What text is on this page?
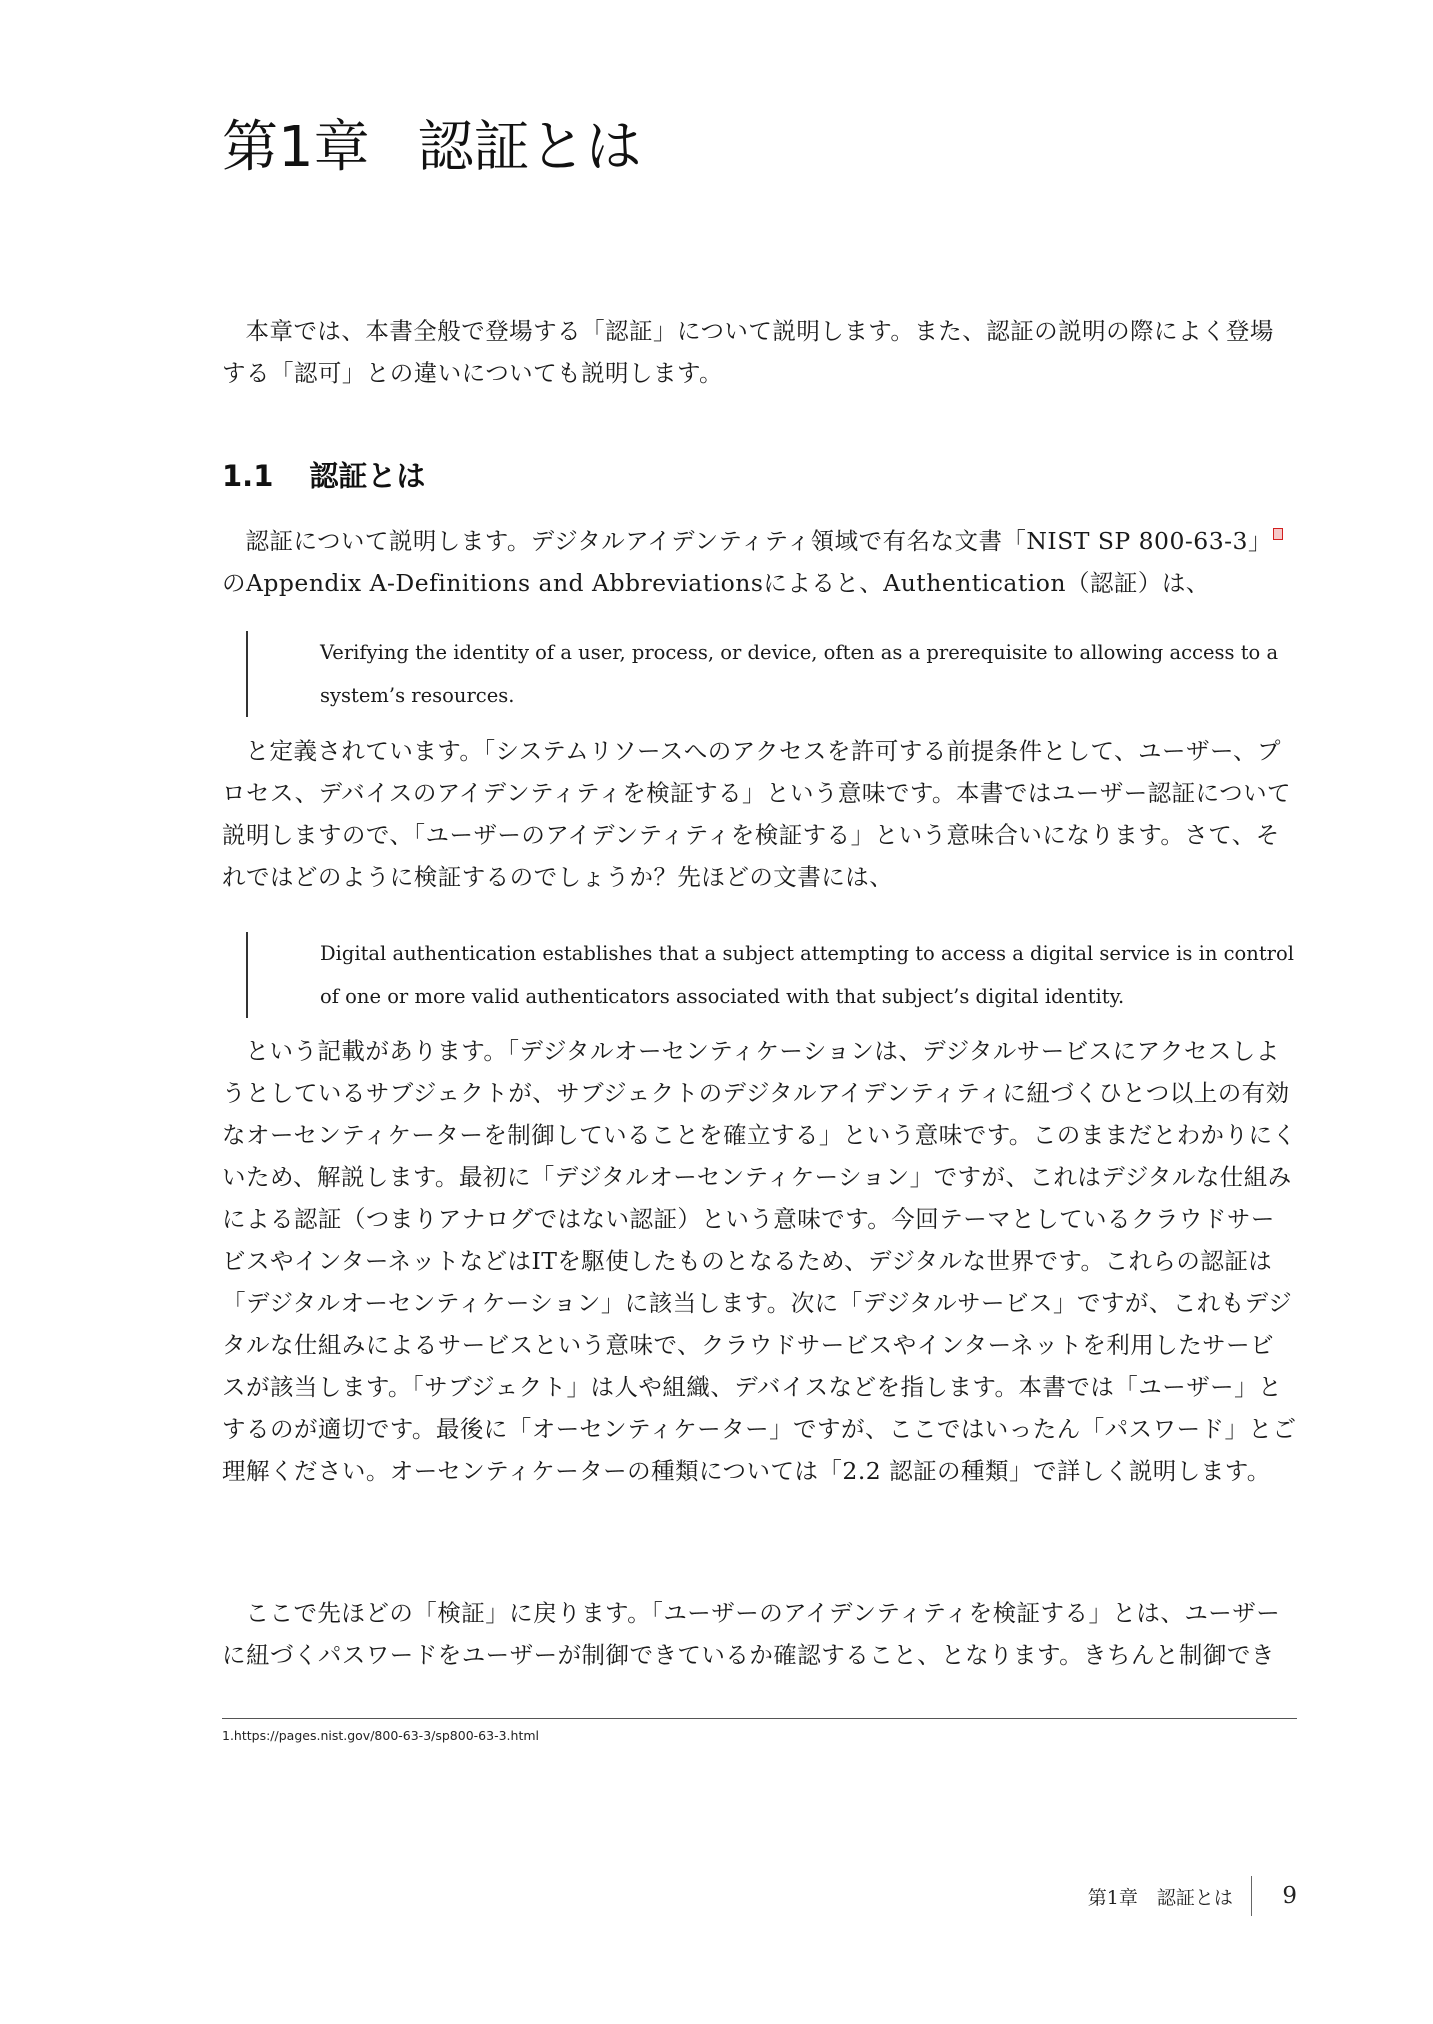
第1章 認証とは

本章では、本書全般で登場する「認証」について説明します。また、認証の説明の際によく登場する「認可」との違いについても説明します。

1.1 認証とは

認証について説明します。デジタルアイデンティティ領域で有名な文書「NIST SP 800-63-3」のAppendix A-Definitions and Abbreviationsによると、Authentication（認証）は、

Verifying the identity of a user, process, or device, often as a prerequisite to allowing access to a system’s resources.

と定義されています。「システムリソースへのアクセスを許可する前提条件として、ユーザー、プロセス、デバイスのアイデンティティを検証する」という意味です。本書ではユーザー認証について説明しますので、「ユーザーのアイデンティティを検証する」という意味合いになります。さて、それではどのように検証するのでしょうか？先ほどの文書には、

Digital authentication establishes that a subject attempting to access a digital service is in control of one or more valid authenticators associated with that subject’s digital identity.

という記載があります。「デジタルオーセンティケーションは、デジタルサービスにアクセスしようとしているサブジェクトが、サブジェクトのデジタルアイデンティティに紐づくひとつ以上の有効なオーセンティケーターを制御していることを確立する」という意味です。このままだとわかりにくいため、解説します。最初に「デジタルオーセンティケーション」ですが、これはデジタルな仕組みによる認証（つまりアナログではない認証）という意味です。今回テーマとしているクラウドサービスやインターネットなどはITを駆使したものとなるため、デジタルな世界です。これらの認証は「デジタルオーセンティケーション」に該当します。次に「デジタルサービス」ですが、これもデジタルな仕組みによるサービスという意味で、クラウドサービスやインターネットを利用したサービスが該当します。「サブジェクト」は人や組織、デバイスなどを指します。本書では「ユーザー」とするのが適切です。最後に「オーセンティケーター」ですが、ここではいったん「パスワード」とご理解ください。オーセンティケーターの種類については「2.2 認証の種類」で詳しく説明します。

ここで先ほどの「検証」に戻ります。「ユーザーのアイデンティティを検証する」とは、ユーザーに紐づくパスワードをユーザーが制御できているか確認すること、となります。きちんと制御でき

1.https://pages.nist.gov/800-63-3/sp800-63-3.html

第1章　認証とは	9
